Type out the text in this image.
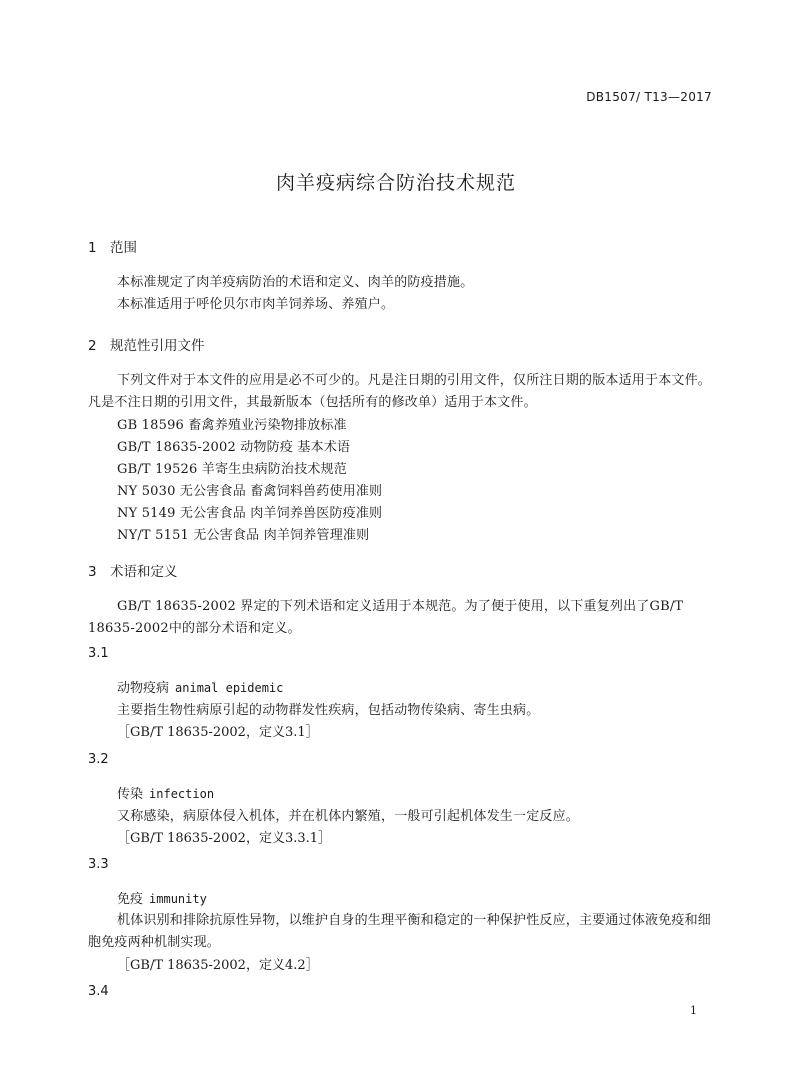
DB1507/ T13—2017
肉羊疫病综合防治技术规范
1 范围
本标准规定了肉羊疫病防治的术语和定义、肉羊的防疫措施。
本标准适用于呼伦贝尔市肉羊饲养场、养殖户。
2 规范性引用文件
下列文件对于本文件的应用是必不可少的。凡是注日期的引用文件，仅所注日期的版本适用于本文件。凡是不注日期的引用文件，其最新版本（包括所有的修改单）适用于本文件。
GB 18596 畜禽养殖业污染物排放标准
GB/T 18635-2002 动物防疫 基本术语
GB/T 19526 羊寄生虫病防治技术规范
NY 5030 无公害食品 畜禽饲料兽药使用准则
NY 5149 无公害食品 肉羊饲养兽医防疫准则
NY/T 5151 无公害食品 肉羊饲养管理准则
3 术语和定义
GB/T 18635-2002 界定的下列术语和定义适用于本规范。为了便于使用，以下重复列出了GB/T 18635-2002中的部分术语和定义。
3.1
动物疫病 animal epidemic
主要指生物性病原引起的动物群发性疾病，包括动物传染病、寄生虫病。
［GB/T 18635-2002，定义3.1］
3.2
传染 infection
又称感染，病原体侵入机体，并在机体内繁殖，一般可引起机体发生一定反应。
［GB/T 18635-2002，定义3.3.1］
3.3
免疫 immunity
机体识别和排除抗原性异物，以维护自身的生理平衡和稳定的一种保护性反应，主要通过体液免疫和细胞免疫两种机制实现。
［GB/T 18635-2002，定义4.2］
3.4
1
